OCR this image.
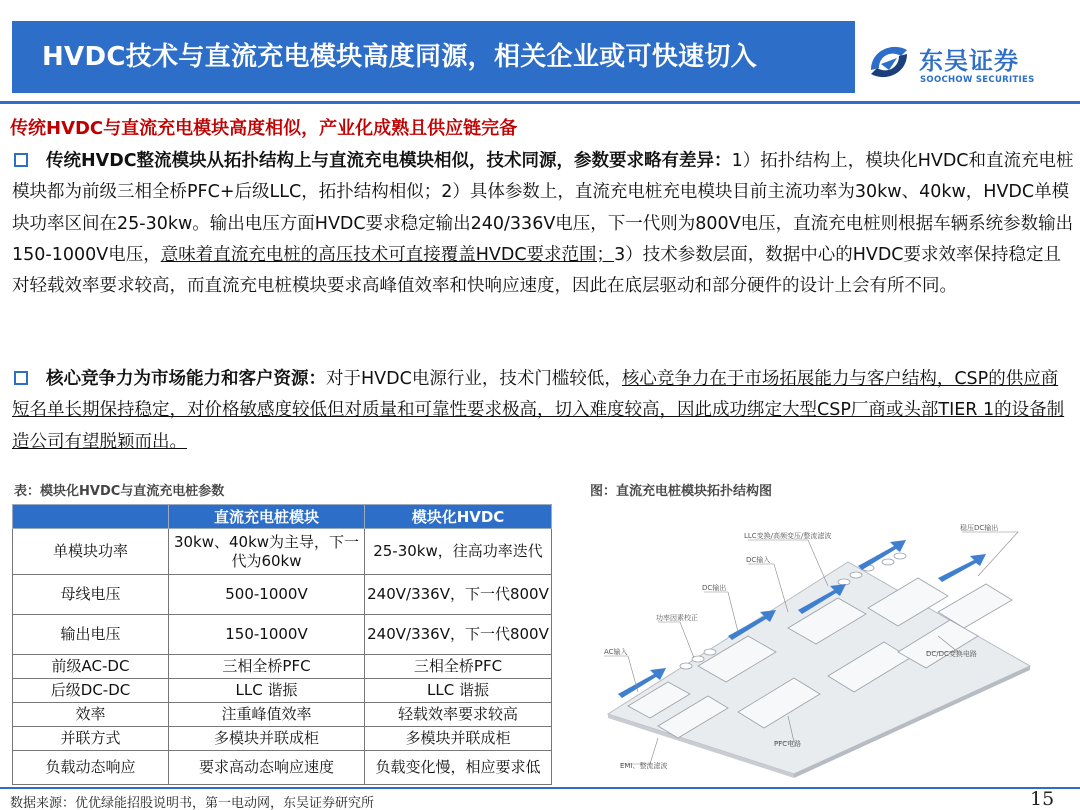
HVDC技术与直流充电模块高度同源，相关企业或可快速切入	东吴证券
SOOCHOW SECURITIES
传统HVDC与直流充电模块高度相似，产业化成熟且供应链完备
传统HVDC整流模块从拓扑结构上与直流充电模块相似，技术同源，参数要求略有差异：1）拓扑结构上，模块化HVDC和直流充电桩模块都为前级三相全桥PFC+后级LLC，拓扑结构相似；2）具体参数上，直流充电桩充电模块目前主流功率为30kw、40kw，HVDC单模块功率区间在25-30kw。输出电压方面HVDC要求稳定输出240/336V电压，下一代则为800V电压，直流充电桩则根据车辆系统参数输出150-1000V电压，意味着直流充电桩的高压技术可直接覆盖HVDC要求范围；3）技术参数层面，数据中心的HVDC要求效率保持稳定且对轻载效率要求较高，而直流充电桩模块要求高峰值效率和快响应速度，因此在底层驱动和部分硬件的设计上会有所不同。
核心竞争力为市场能力和客户资源：对于HVDC电源行业，技术门槛较低，核心竞争力在于市场拓展能力与客户结构，CSP的供应商短名单长期保持稳定，对价格敏感度较低但对质量和可靠性要求极高，切入难度较高，因此成功绑定大型CSP厂商或头部TIER 1的设备制造公司有望脱颖而出。
表：模块化HVDC与直流充电桩参数	图：直流充电桩模块拓扑结构图
	直流充电桩模块	模块化HVDC
单模块功率	30kw、40kw为主导，下一代为60kw	25-30kw，往高功率迭代
母线电压	500-1000V	240V/336V，下一代800V
输出电压	150-1000V	240V/336V，下一代800V
前级AC-DC	三相全桥PFC	三相全桥PFC
后级DC-DC	LLC 谐振	LLC 谐振
效率	注重峰值效率	轻载效率要求较高
并联方式	多模块并联成柜	多模块并联成柜
负载动态响应	要求高动态响应速度	负载变化慢，相应要求低
LLC变换/高频变压/整流滤波
DC输入
DC输出
功率因素校正
AC输入
稳压DC输出
DC/DC变换电路
PFC电路
EMI、整流滤波
数据来源：优优绿能招股说明书，第一电动网，东吴证券研究所	15
